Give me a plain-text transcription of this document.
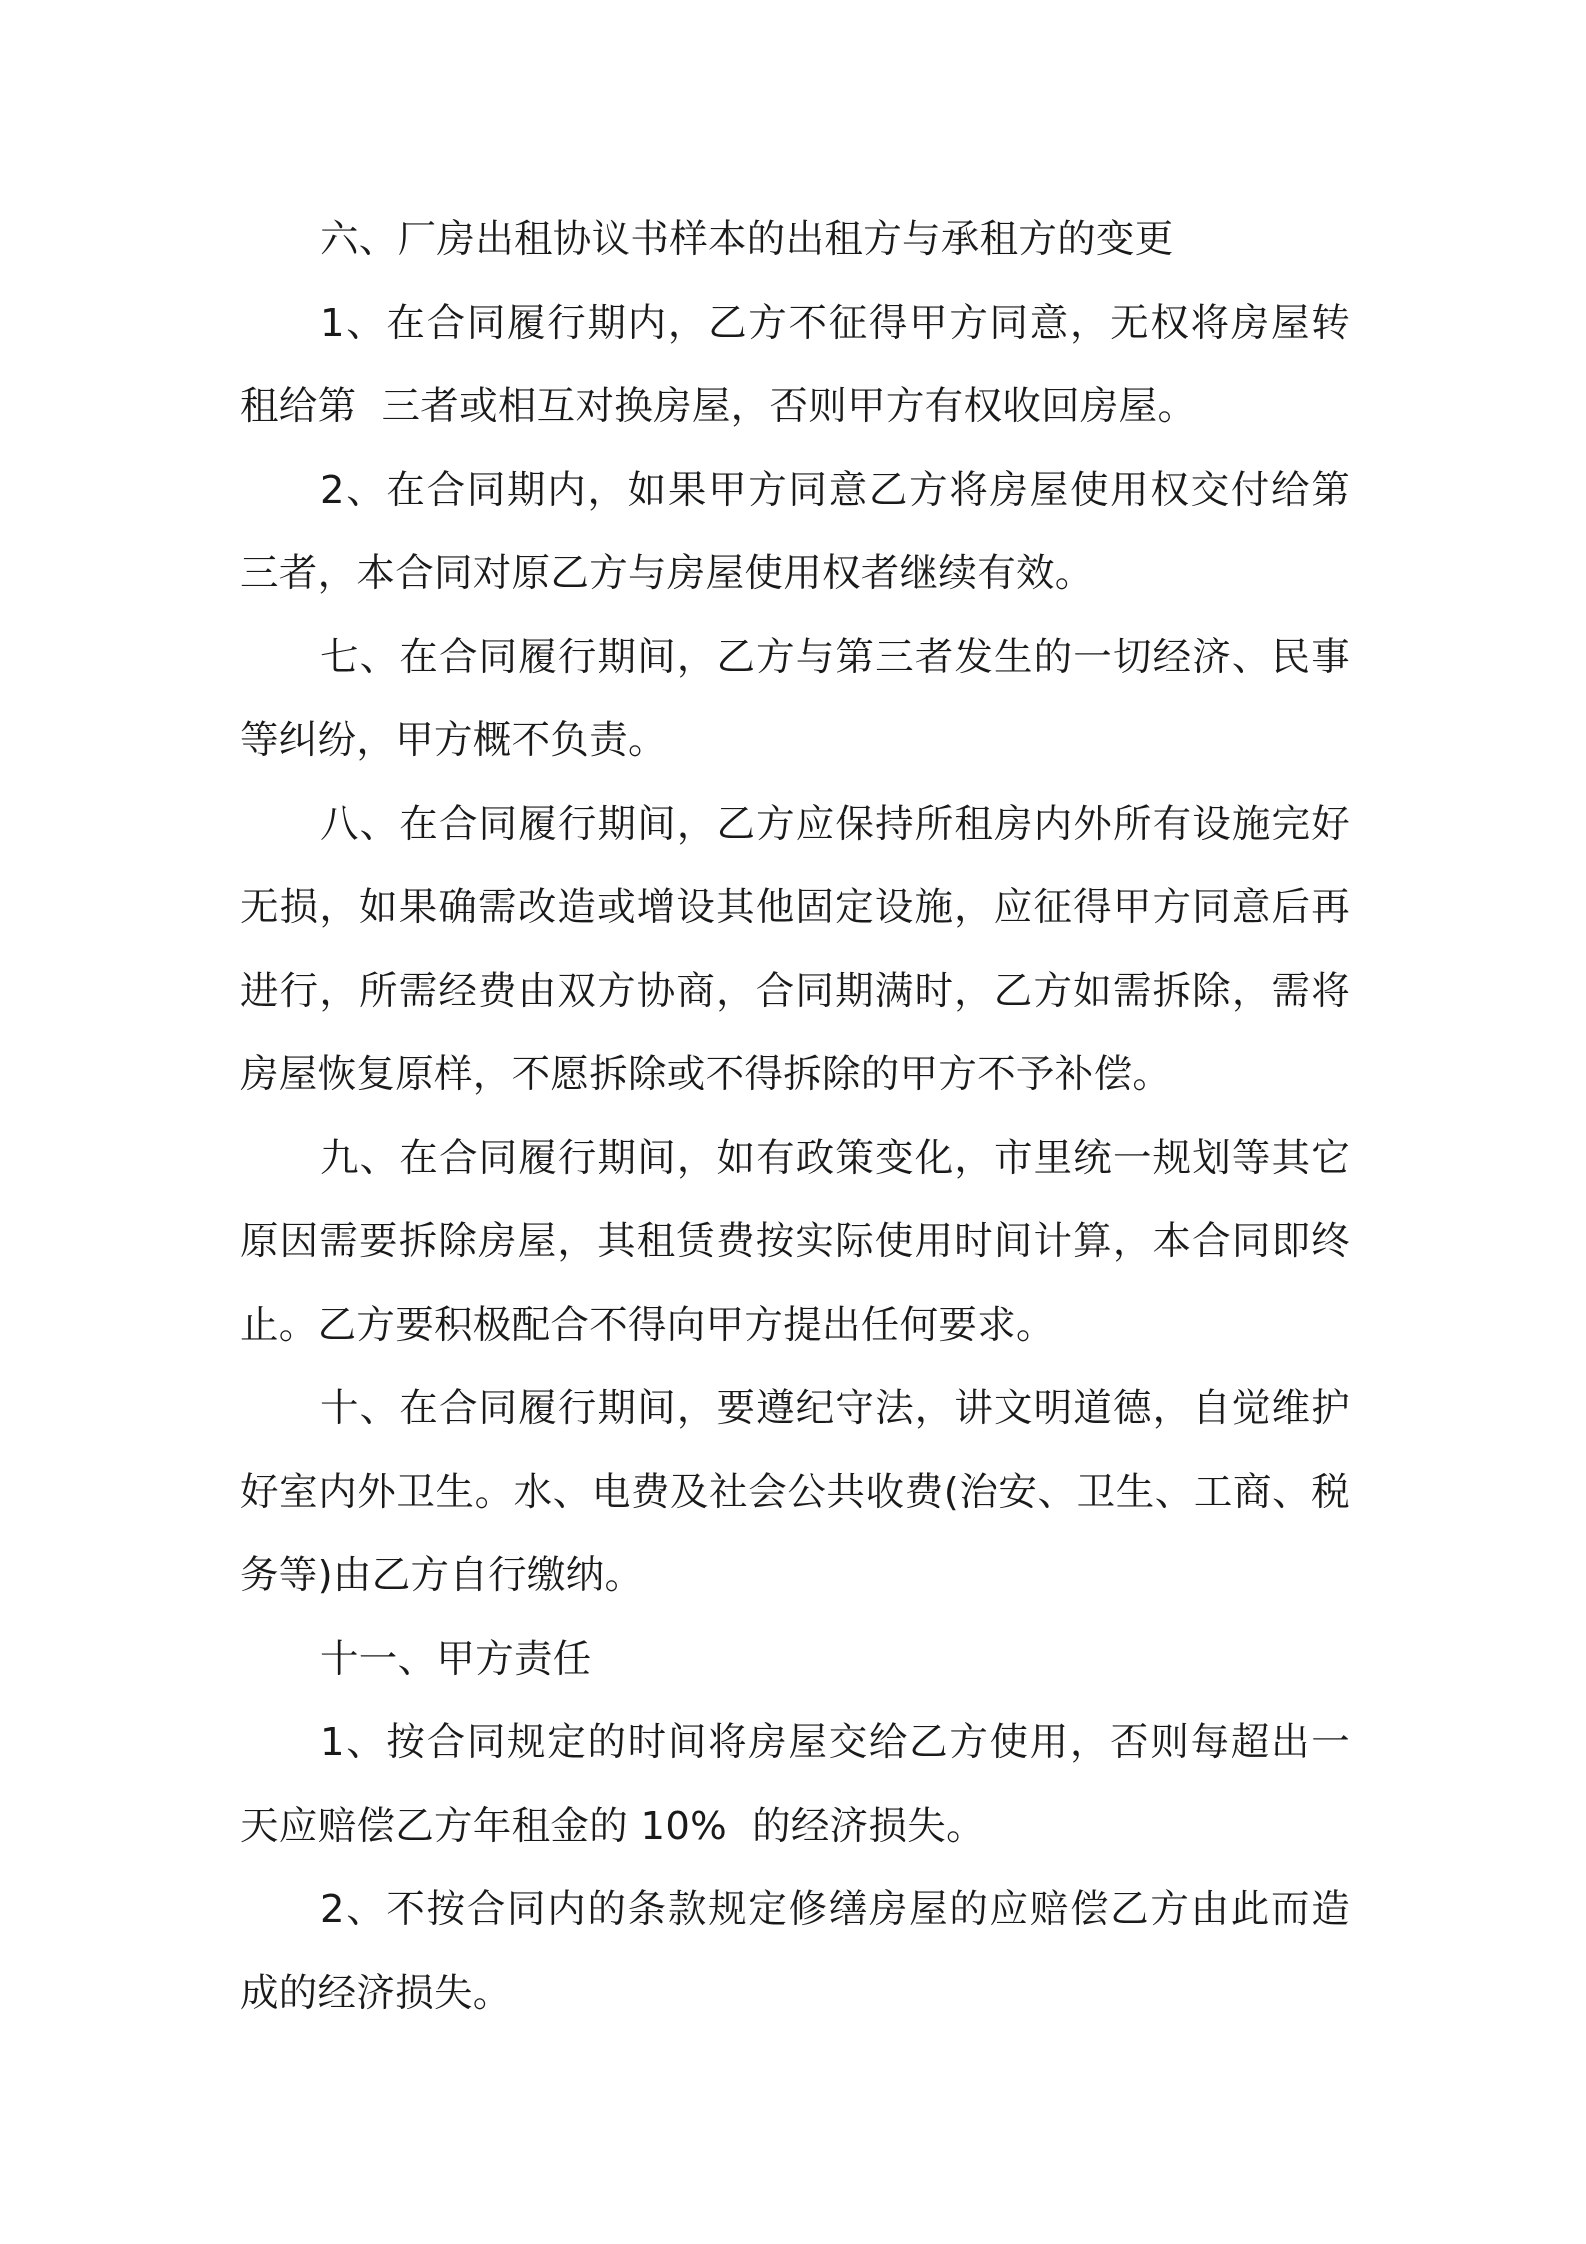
六、厂房出租协议书样本的出租方与承租方的变更

1、在合同履行期内，乙方不征得甲方同意，无权将房屋转租给第  三者或相互对换房屋，否则甲方有权收回房屋。

2、在合同期内，如果甲方同意乙方将房屋使用权交付给第三者，本合同对原乙方与房屋使用权者继续有效。

七、在合同履行期间，乙方与第三者发生的一切经济、民事等纠纷，甲方概不负责。

八、在合同履行期间，乙方应保持所租房内外所有设施完好无损，如果确需改造或增设其他固定设施，应征得甲方同意后再进行，所需经费由双方协商，合同期满时，乙方如需拆除，需将房屋恢复原样，不愿拆除或不得拆除的甲方不予补偿。

九、在合同履行期间，如有政策变化，市里统一规划等其它原因需要拆除房屋，其租赁费按实际使用时间计算，本合同即终止。乙方要积极配合不得向甲方提出任何要求。

十、在合同履行期间，要遵纪守法，讲文明道德，自觉维护好室内外卫生。水、电费及社会公共收费(治安、卫生、工商、税务等)由乙方自行缴纳。

十一、甲方责任

1、按合同规定的时间将房屋交给乙方使用，否则每超出一天应赔偿乙方年租金的 10%  的经济损失。

2、不按合同内的条款规定修缮房屋的应赔偿乙方由此而造成的经济损失。
